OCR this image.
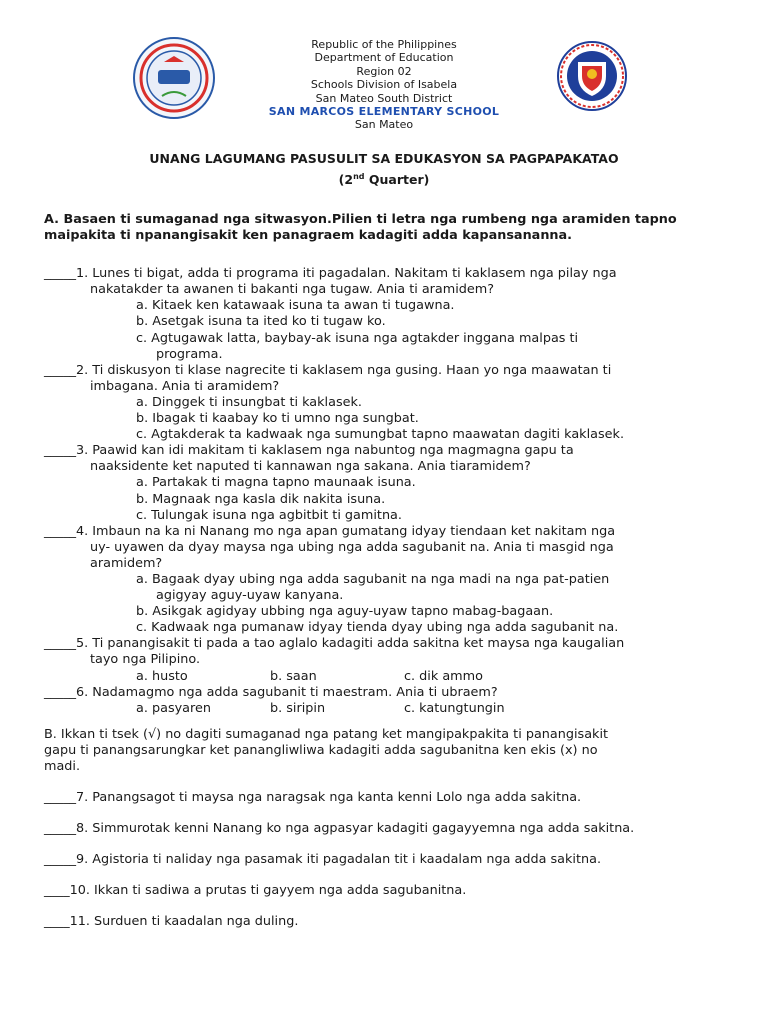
Republic of the Philippines
Department of Education
Region 02
Schools Division of Isabela
San Mateo South District
SAN MARCOS ELEMENTARY SCHOOL
San Mateo
UNANG LAGUMANG PASUSULIT SA EDUKASYON SA PAGPAPAKATAO
(2nd Quarter)
A. Basaen ti sumaganad nga sitwasyon.Pilien ti letra nga rumbeng nga aramiden tapno
maipakita ti npanangisakit ken panagraem kadagiti adda kapansananna.
_____1. Lunes ti bigat, adda ti programa iti pagadalan. Nakitam ti kaklasem nga pilay nga
nakatakder ta awanen ti bakanti nga tugaw. Ania ti aramidem?
a. Kitaek ken katawaak isuna ta awan ti tugawna.
b. Asetgak isuna ta ited ko ti tugaw ko.
c. Agtugawak latta, baybay-ak isuna nga agtakder inggana malpas ti
programa.
_____2. Ti diskusyon ti klase nagrecite ti kaklasem nga gusing. Haan yo nga maawatan ti
imbagana. Ania ti aramidem?
a. Dinggek ti insungbat ti kaklasek.
b. Ibagak ti kaabay ko ti umno nga sungbat.
c. Agtakderak ta kadwaak nga sumungbat tapno maawatan dagiti kaklasek.
_____3. Paawid kan idi makitam ti kaklasem nga nabuntog nga magmagna gapu ta
naaksidente ket naputed ti kannawan nga sakana. Ania tiaramidem?
a. Partakak ti magna tapno maunaak isuna.
b. Magnaak nga kasla dik nakita isuna.
c. Tulungak isuna nga agbitbit ti gamitna.
_____4. Imbaun na ka ni Nanang mo nga apan gumatang idyay tiendaan ket nakitam nga
uy- uyawen da dyay maysa nga ubing nga adda sagubanit na. Ania ti masgid nga
aramidem?
a. Bagaak dyay ubing nga adda sagubanit na nga madi na nga pat-patien
agigyay aguy-uyaw kanyana.
b. Asikgak agidyay ubbing nga aguy-uyaw tapno mabag-bagaan.
c. Kadwaak nga pumanaw idyay tienda dyay ubing nga adda sagubanit na.
_____5. Ti panangisakit ti pada a tao aglalo kadagiti adda sakitna ket maysa nga kaugalian
tayo nga Pilipino.
a. husto	b. saan	c. dik ammo
_____6. Nadamagmo nga adda sagubanit ti maestram. Ania ti ubraem?
a. pasyaren	b. siripin	c. katungtungin
B. Ikkan ti tsek (√) no dagiti sumaganad nga patang ket mangipakpakita ti panangisakit
gapu ti panangsarungkar ket panangliwliwa kadagiti adda sagubanitna ken ekis (x) no
madi.
_____7. Panangsagot ti maysa nga naragsak nga kanta kenni Lolo nga adda sakitna.
_____8. Simmurotak kenni Nanang ko nga agpasyar kadagiti gagayyemna nga adda sakitna.
_____9. Agistoria ti naliday nga pasamak iti pagadalan tit i kaadalam nga adda sakitna.
____10. Ikkan ti sadiwa a prutas ti gayyem nga adda sagubanitna.
____11. Surduen ti kaadalan nga duling.
